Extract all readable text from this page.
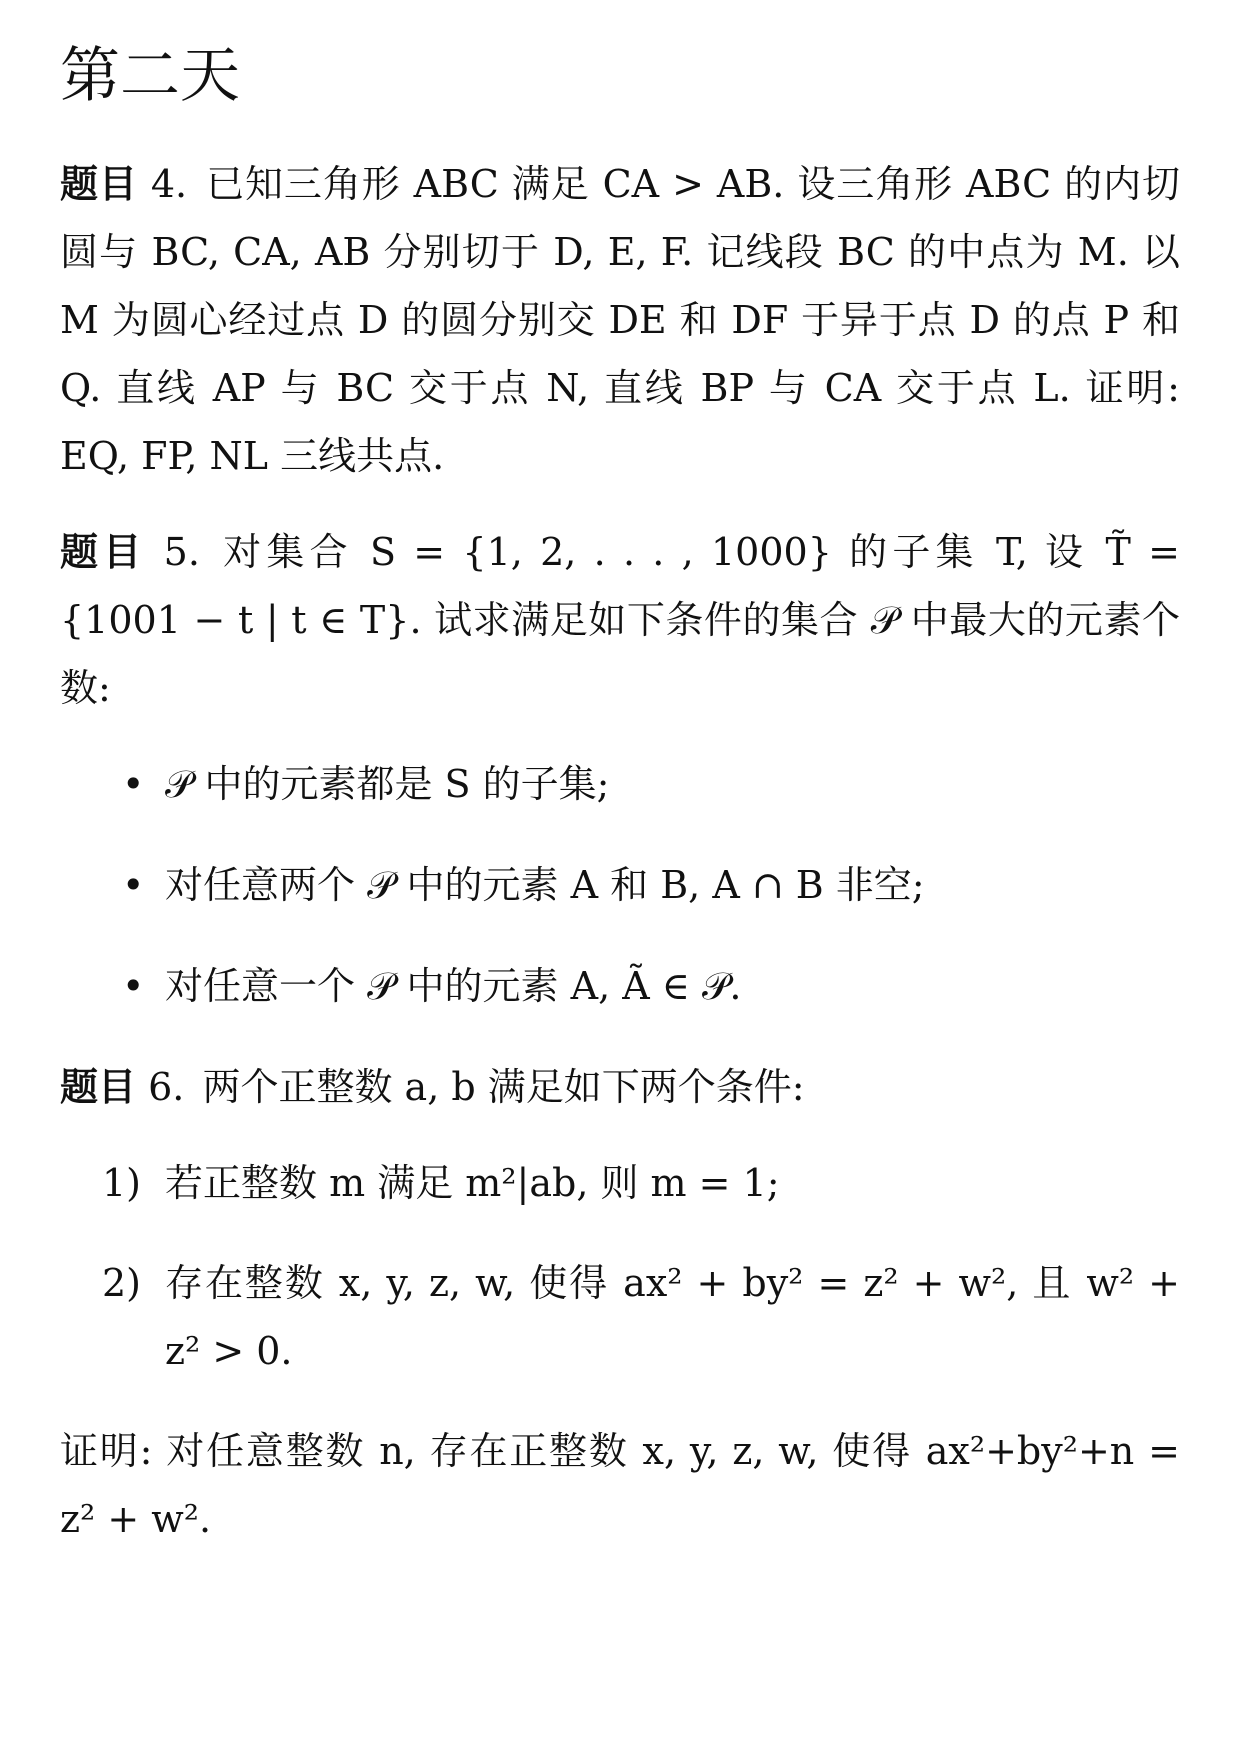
第二天
题目 4. 已知三角形 ABC 满足 CA > AB. 设三角形 ABC 的内切圆与 BC, CA, AB 分别切于 D, E, F. 记线段 BC 的中点为 M. 以 M 为圆心经过点 D 的圆分别交 DE 和 DF 于异于点 D 的点 P 和 Q. 直线 AP 与 BC 交于点 N, 直线 BP 与 CA 交于点 L. 证明: EQ, FP, NL 三线共点.
题目 5. 对集合 S = {1, 2, . . . , 1000} 的子集 T, 设 T̃ = {1001 − t | t ∈ T}. 试求满足如下条件的集合 𝒫 中最大的元素个数:
• 𝒫 中的元素都是 S 的子集;
• 对任意两个 𝒫 中的元素 A 和 B, A ∩ B 非空;
• 对任意一个 𝒫 中的元素 A, Ã ∈ 𝒫.
题目 6. 两个正整数 a, b 满足如下两个条件:
1) 若正整数 m 满足 m²|ab, 则 m = 1;
2) 存在整数 x, y, z, w, 使得 ax² + by² = z² + w², 且 w² + z² > 0.
证明: 对任意整数 n, 存在正整数 x, y, z, w, 使得 ax²+by²+n = z² + w².
